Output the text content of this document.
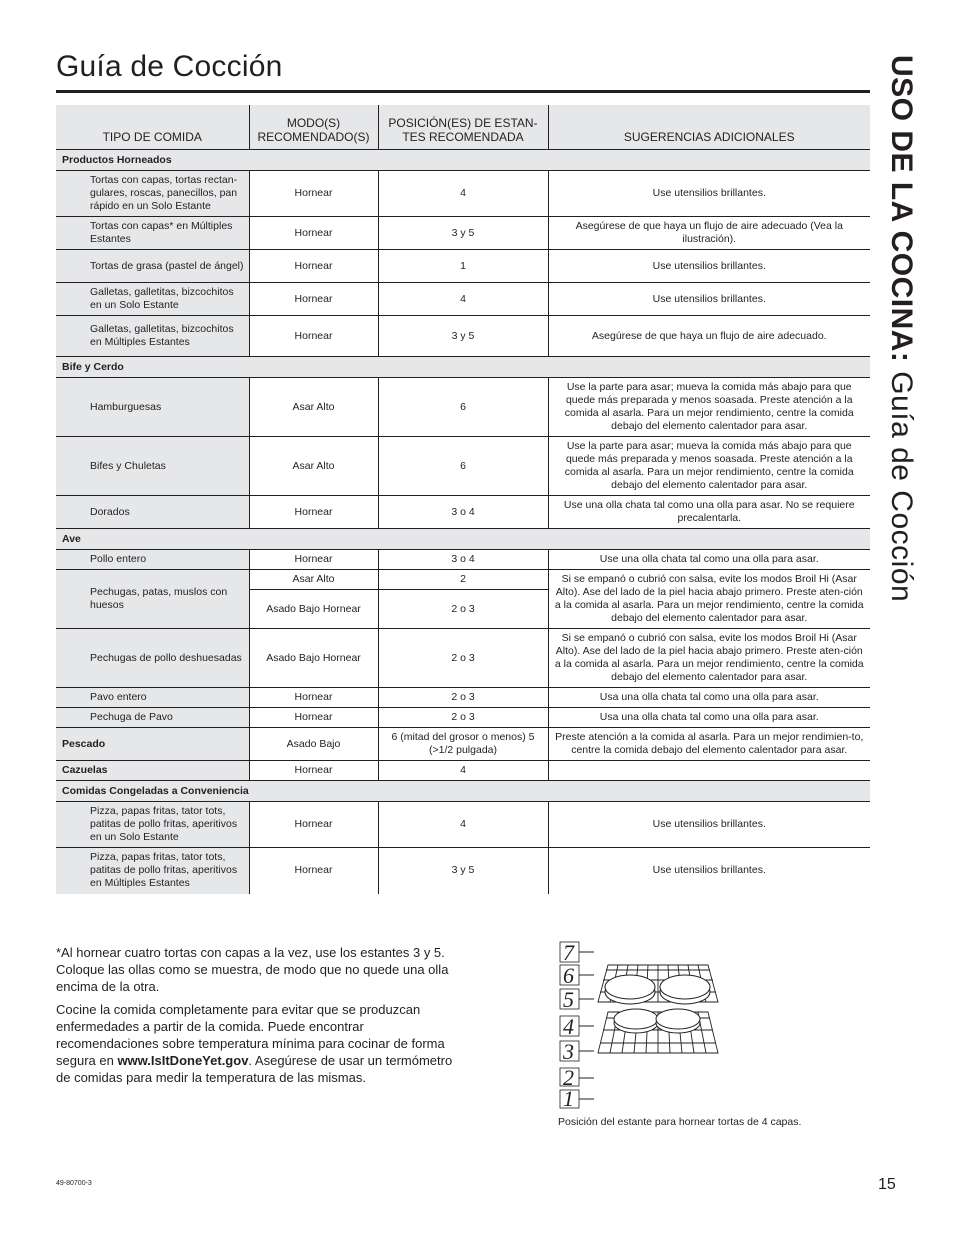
Guía de Cocción	USO DE LA COCINA: Guía de Cocción
TIPO DE COMIDA	MODO(S) RECOMENDADO(S)	POSICIÓN(ES) DE ESTAN-TES RECOMENDADA	SUGERENCIAS ADICIONALES
Productos Horneados			
Tortas con capas, tortas rectan-gulares, roscas, panecillos, pan rápido en un Solo Estante	Hornear	4	Use utensilios brillantes.
Tortas con capas* en Múltiples Estantes	Hornear	3 y 5	Asegúrese de que haya un flujo de aire adecuado (Vea la ilustración).
Tortas de grasa (pastel de ángel)	Hornear	1	Use utensilios brillantes.
Galletas, galletitas, bizcochitos en un Solo Estante	Hornear	4	Use utensilios brillantes.
Galletas, galletitas, bizcochitos en Múltiples Estantes	Hornear	3 y 5	Asegúrese de que haya un flujo de aire adecuado.
Bife y Cerdo			
Hamburguesas	Asar Alto	6	Use la parte para asar; mueva la comida más abajo para que quede más preparada y menos soasada. Preste atención a la comida al asarla. Para un mejor rendimiento, centre la comida debajo del elemento calentador para asar.
Bifes y Chuletas	Asar Alto	6	Use la parte para asar; mueva la comida más abajo para que quede más preparada y menos soasada. Preste atención a la comida al asarla. Para un mejor rendimiento, centre la comida debajo del elemento calentador para asar.
Dorados	Hornear	3 o 4	Use una olla chata tal como una olla para asar. No se requiere precalentarla.
Ave			
Pollo entero	Hornear	3 o 4	Use una olla chata tal como una olla para asar.
Pechugas, patas, muslos con huesos	Asar Alto	2	Si se empanó o cubrió con salsa, evite los modos Broil Hi (Asar Alto). Ase del lado de la piel hacia abajo primero. Preste aten-ción a la comida al asarla. Para un mejor rendimiento, centre la comida debajo del elemento calentador para asar.
	Asado Bajo Hornear	2 o 3	
Pechugas de pollo deshuesadas	Asado Bajo Hornear	2 o 3	Si se empanó o cubrió con salsa, evite los modos Broil Hi (Asar Alto). Ase del lado de la piel hacia abajo primero. Preste aten-ción a la comida al asarla. Para un mejor rendimiento, centre la comida debajo del elemento calentador para asar.
Pavo entero	Hornear	2 o 3	Usa una olla chata tal como una olla para asar.
Pechuga de Pavo	Hornear	2 o 3	Usa una olla chata tal como una olla para asar.
Pescado	Asado Bajo	6 (mitad del grosor o menos) 5 (>1/2 pulgada)	Preste atención a la comida al asarla. Para un mejor rendimien-to, centre la comida debajo del elemento calentador para asar.
Cazuelas	Hornear	4	
Comidas Congeladas a Conveniencia			
Pizza, papas fritas, tator tots, patitas de pollo fritas, aperitivos en un Solo Estante	Hornear	4	Use utensilios brillantes.
Pizza, papas fritas, tator tots, patitas de pollo fritas, aperitivos en Múltiples Estantes	Hornear	3 y 5	Use utensilios brillantes.

*Al hornear cuatro tortas con capas a la vez, use los estantes 3 y 5. Coloque las ollas como se muestra, de modo que no quede una olla encima de la otra.

Cocine la comida completamente para evitar que se produzcan enfermedades a partir de la comida. Puede encontrar recomendaciones sobre temperatura mínima para cocinar de forma segura en www.IsItDoneYet.gov. Asegúrese de usar un termómetro de comidas para medir la temperatura de las mismas.

7
6
5
4
3
2
1
Posición del estante para hornear tortas de 4 capas.
49-80700-3	15
